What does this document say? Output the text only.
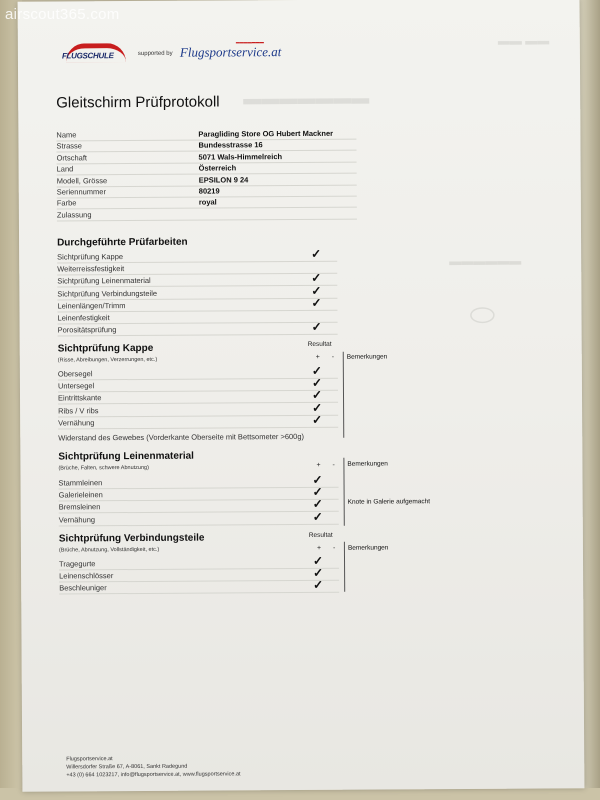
▬▬▬▬▬▬▬
▬▬ ▬▬
▬▬▬▬▬▬
⬭
FLUGSCHULE	supported by
▬▬▬▬▬▬▬
Flugsportservice.at
Gleitschirm Prüfprotokoll
Name	Paragliding Store OG Hubert Mackner
Strasse	Bundesstrasse 16
Ortschaft	5071 Wals-Himmelreich
Land	Österreich
Modell, Grösse	EPSILON 9 24
Seriennummer	80219
Farbe	royal
Zulassung
Durchgeführte Prüfarbeiten
Sichtprüfung Kappe	✓
Weiterreissfestigkeit
Sichtprüfung Leinenmaterial	✓
Sichtprüfung Verbindungsteile	✓
Leinenlängen/Trimm	✓
Leinenfestigkeit
Porositätsprüfung	✓
Sichtprüfung Kappe	Resultat
(Risse, Abreibungen, Verzerrungen, etc.)	+ - Bemerkungen
Obersegel	✓
Untersegel	✓
Eintrittskante	✓
Ribs / V ribs	✓
Vernähung	✓
Widerstand des Gewebes (Vorderkante Oberseite mit Bettsometer >600g)
Sichtprüfung Leinenmaterial
(Brüche, Falten, schwere Abnutzung)	+ - Bemerkungen
Knote in Galerie aufgemacht
Stammleinen	✓
Galerieleinen	✓
Bremsleinen	✓
Vernähung	✓
Sichtprüfung Verbindungsteile	Resultat
(Brüche, Abnutzung, Vollständigkeit, etc.)	+ - Bemerkungen
Tragegurte	✓
Leinenschlösser	✓
Beschleuniger	✓
Flugsportservice.at
Willersdorfer Straße 67, A-8061, Sankt Radegund
+43 (0) 664 1023217, info@flugsportservice.at, www.flugsportservice.at
airscout365.com
